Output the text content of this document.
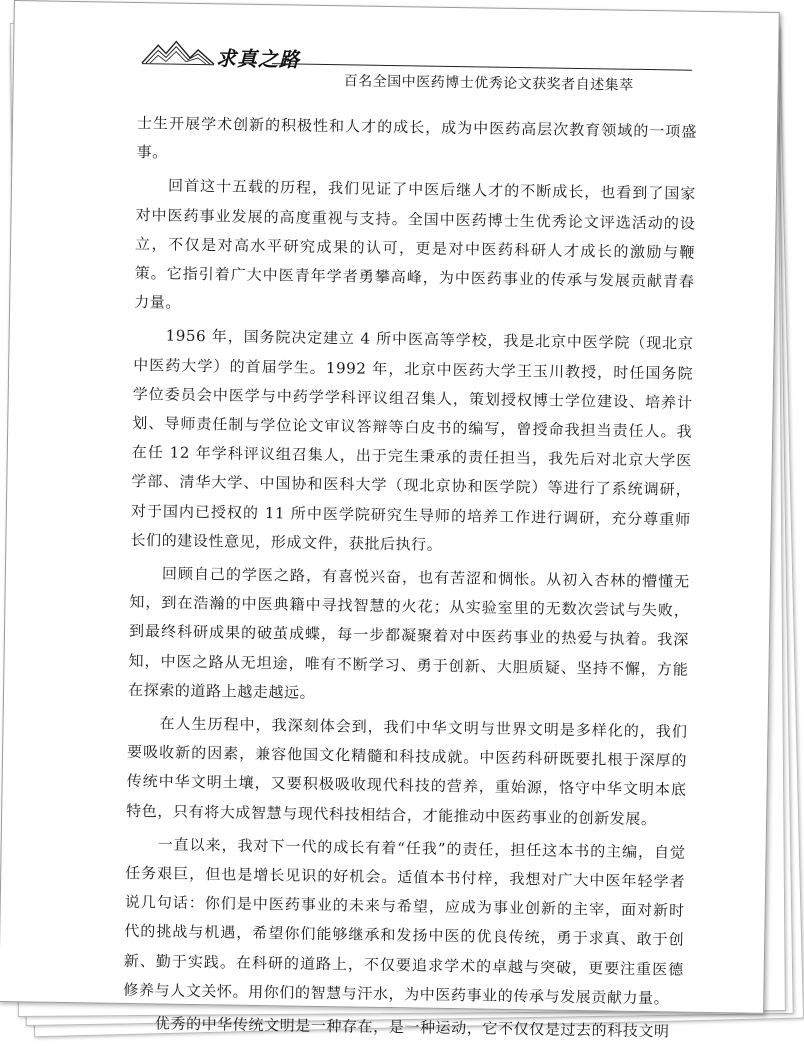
求真之路
百名全国中医药博士优秀论文获奖者自述集萃

士生开展学术创新的积极性和人才的成长，成为中医药高层次教育领域的一项盛事。

回首这十五载的历程，我们见证了中医后继人才的不断成长，也看到了国家对中医药事业发展的高度重视与支持。全国中医药博士生优秀论文评选活动的设立，不仅是对高水平研究成果的认可，更是对中医药科研人才成长的激励与鞭策。它指引着广大中医青年学者勇攀高峰，为中医药事业的传承与发展贡献青春力量。

1956 年，国务院决定建立 4 所中医高等学校，我是北京中医学院（现北京中医药大学）的首届学生。1992 年，北京中医药大学王玉川教授，时任国务院学位委员会中医学与中药学学科评议组召集人，策划授权博士学位建设、培养计划、导师责任制与学位论文审议答辩等白皮书的编写，曾授命我担当责任人。我在任 12 年学科评议组召集人，出于完生秉承的责任担当，我先后对北京大学医学部、清华大学、中国协和医科大学（现北京协和医学院）等进行了系统调研，对于国内已授权的 11 所中医学院研究生导师的培养工作进行调研，充分尊重师长们的建设性意见，形成文件，获批后执行。

回顾自己的学医之路，有喜悦兴奋，也有苦涩和惆怅。从初入杏林的懵懂无知，到在浩瀚的中医典籍中寻找智慧的火花；从实验室里的无数次尝试与失败，到最终科研成果的破茧成蝶，每一步都凝聚着对中医药事业的热爱与执着。我深知，中医之路从无坦途，唯有不断学习、勇于创新、大胆质疑、坚持不懈，方能在探索的道路上越走越远。

在人生历程中，我深刻体会到，我们中华文明与世界文明是多样化的，我们要吸收新的因素，兼容他国文化精髓和科技成就。中医药科研既要扎根于深厚的传统中华文明土壤，又要积极吸收现代科技的营养，重始源，恪守中华文明本底特色，只有将大成智慧与现代科技相结合，才能推动中医药事业的创新发展。

一直以来，我对下一代的成长有着“任我”的责任，担任这本书的主编，自觉任务艰巨，但也是增长见识的好机会。适值本书付梓，我想对广大中医年轻学者说几句话：你们是中医药事业的未来与希望，应成为事业创新的主宰，面对新时代的挑战与机遇，希望你们能够继承和发扬中医的优良传统，勇于求真、敢于创新、勤于实践。在科研的道路上，不仅要追求学术的卓越与突破，更要注重医德修养与人文关怀。用你们的智慧与汗水，为中医药事业的传承与发展贡献力量。

优秀的中华传统文明是一种存在，是一种运动，它不仅仅是过去的科技文明
